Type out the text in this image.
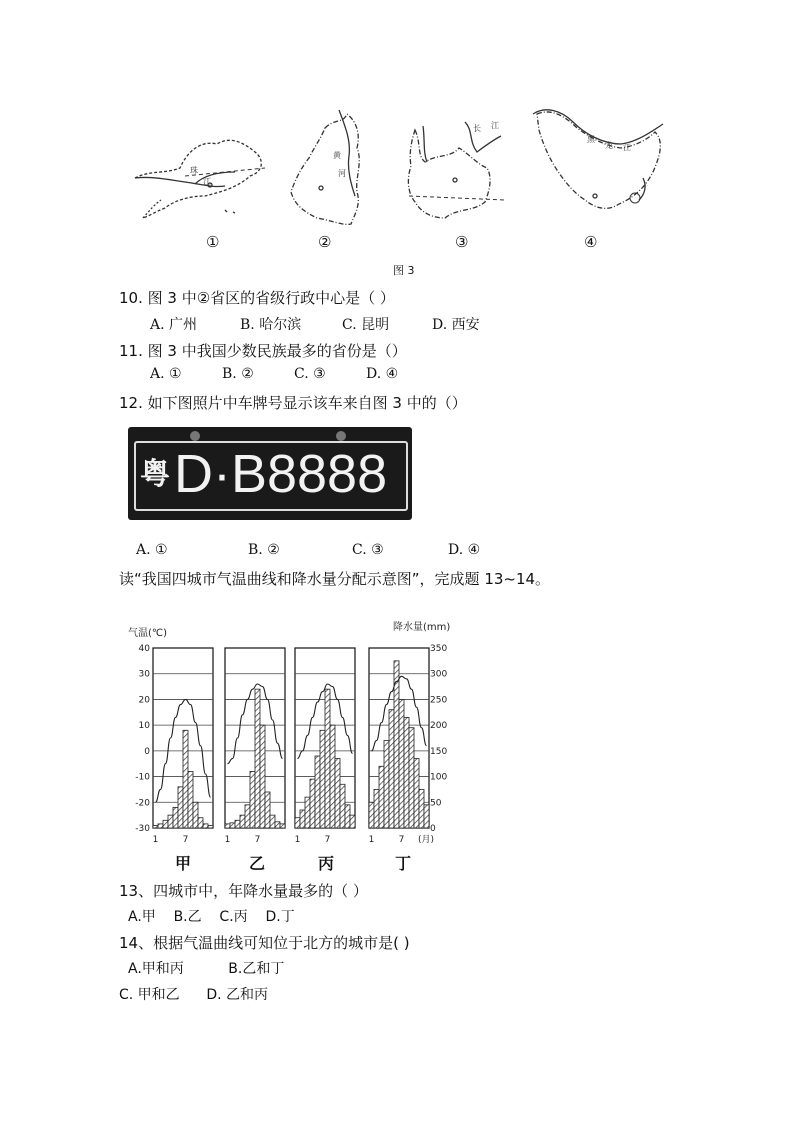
珠
江
黄
河
长 江
黑
龙 江
①	②	③	④
图 3
10. 图 3 中②省区的省级行政中心是（ ）
A. 广州	B. 哈尔滨	C. 昆明	D. 西安
11. 图 3 中我国少数民族最多的省份是（）
A. ①	B. ②	C. ③	D. ④
12. 如下图照片中车牌号显示该车来自图 3 中的（）
粤 D·B8888
A. ①	B. ②	C. ③	D. ④
读“我国四城市气温曲线和降水量分配示意图”，完成题 13~14。
气温(℃)
降水量(mm)
40
30
20
10
0
-10
-20
-30
350
300
250
200
150
100
50
0
1	7	1	7	1	7	1	7 (月)
甲	乙	丙	丁
13、四城市中，年降水量最多的（ ）
A.甲    B.乙    C.丙    D.丁
14、根据气温曲线可知位于北方的城市是( )
A.甲和丙          B.乙和丁
C. 甲和乙      D. 乙和丙
